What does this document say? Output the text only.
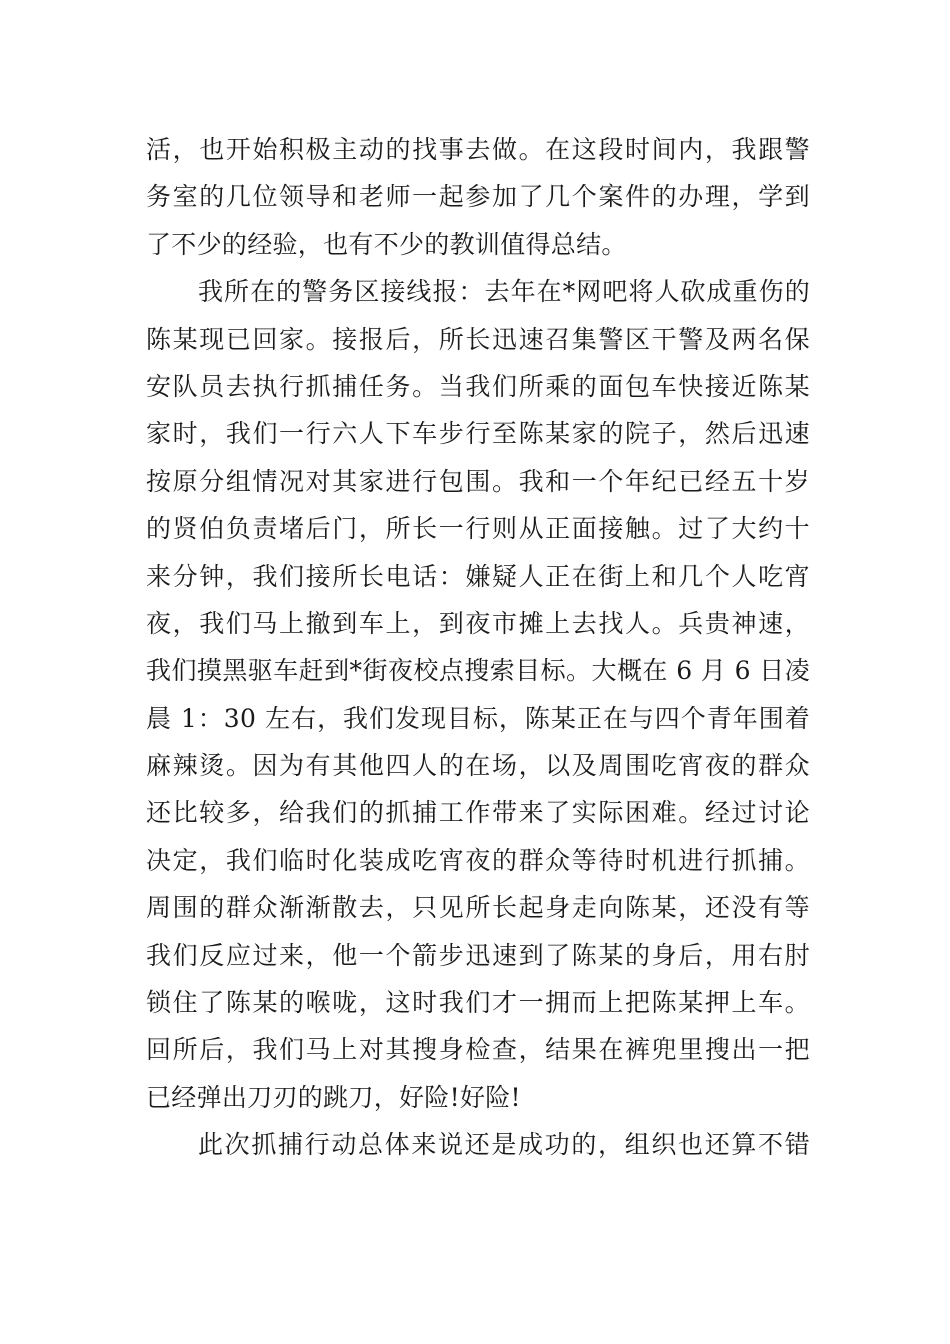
活，也开始积极主动的找事去做。在这段时间内，我跟警
务室的几位领导和老师一起参加了几个案件的办理，学到
了不少的经验，也有不少的教训值得总结。
我所在的警务区接线报：去年在*网吧将人砍成重伤的
陈某现已回家。接报后，所长迅速召集警区干警及两名保
安队员去执行抓捕任务。当我们所乘的面包车快接近陈某
家时，我们一行六人下车步行至陈某家的院子，然后迅速
按原分组情况对其家进行包围。我和一个年纪已经五十岁
的贤伯负责堵后门，所长一行则从正面接触。过了大约十
来分钟，我们接所长电话：嫌疑人正在街上和几个人吃宵
夜，我们马上撤到车上，到夜市摊上去找人。兵贵神速，
我们摸黑驱车赶到*街夜校点搜索目标。大概在 6 月 6 日凌
晨 1：30 左右，我们发现目标，陈某正在与四个青年围着
麻辣烫。因为有其他四人的在场，以及周围吃宵夜的群众
还比较多，给我们的抓捕工作带来了实际困难。经过讨论
决定，我们临时化装成吃宵夜的群众等待时机进行抓捕。
周围的群众渐渐散去，只见所长起身走向陈某，还没有等
我们反应过来，他一个箭步迅速到了陈某的身后，用右肘
锁住了陈某的喉咙，这时我们才一拥而上把陈某押上车。
回所后，我们马上对其搜身检查，结果在裤兜里搜出一把
已经弹出刀刃的跳刀，好险!好险!
此次抓捕行动总体来说还是成功的，组织也还算不错
